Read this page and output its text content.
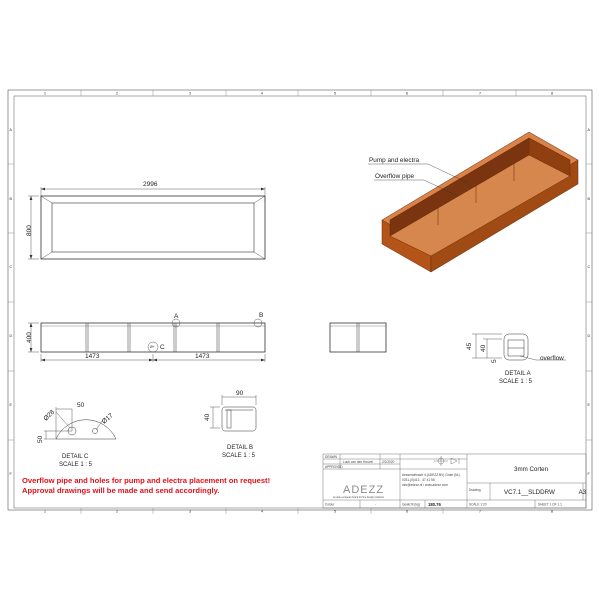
1	2	3	4	5	6	7	8
1	2	3	4	5	6	7	8
A
B
C
D
E
F
A
B
C
D
E
F
2996
800
Pump and electra
Overflow pipe
Ø+
A	B
C
400
1473	1473
45 40
5	overflow
DETAIL A
SCALE 1 : 5
50
50
Ø28	Ø17
DETAIL C
SCALE 1 : 5
90
40
DETAIL B
SCALE 1 : 5	DRAWN
Luuk van den Heuvel	2/2/2020
APPROVED
Aessendriesstr 4 (ADEZZ BV) Grote (NL)
0031-(0)413 - 47 41 58
info@adezz.nl / www.adezz.com
ADEZZ
an elite european brand for fine design products
3mm Corten
Drawing	VC7.1__SLDDRW	A3
Colour	-	Gewicht (kg) 180.76	SCALE 1:20	SHEET 1 OF 1 1
Overflow pipe and holes for pump and electra placement on request!
Approval drawings will be made and send accordingly.
